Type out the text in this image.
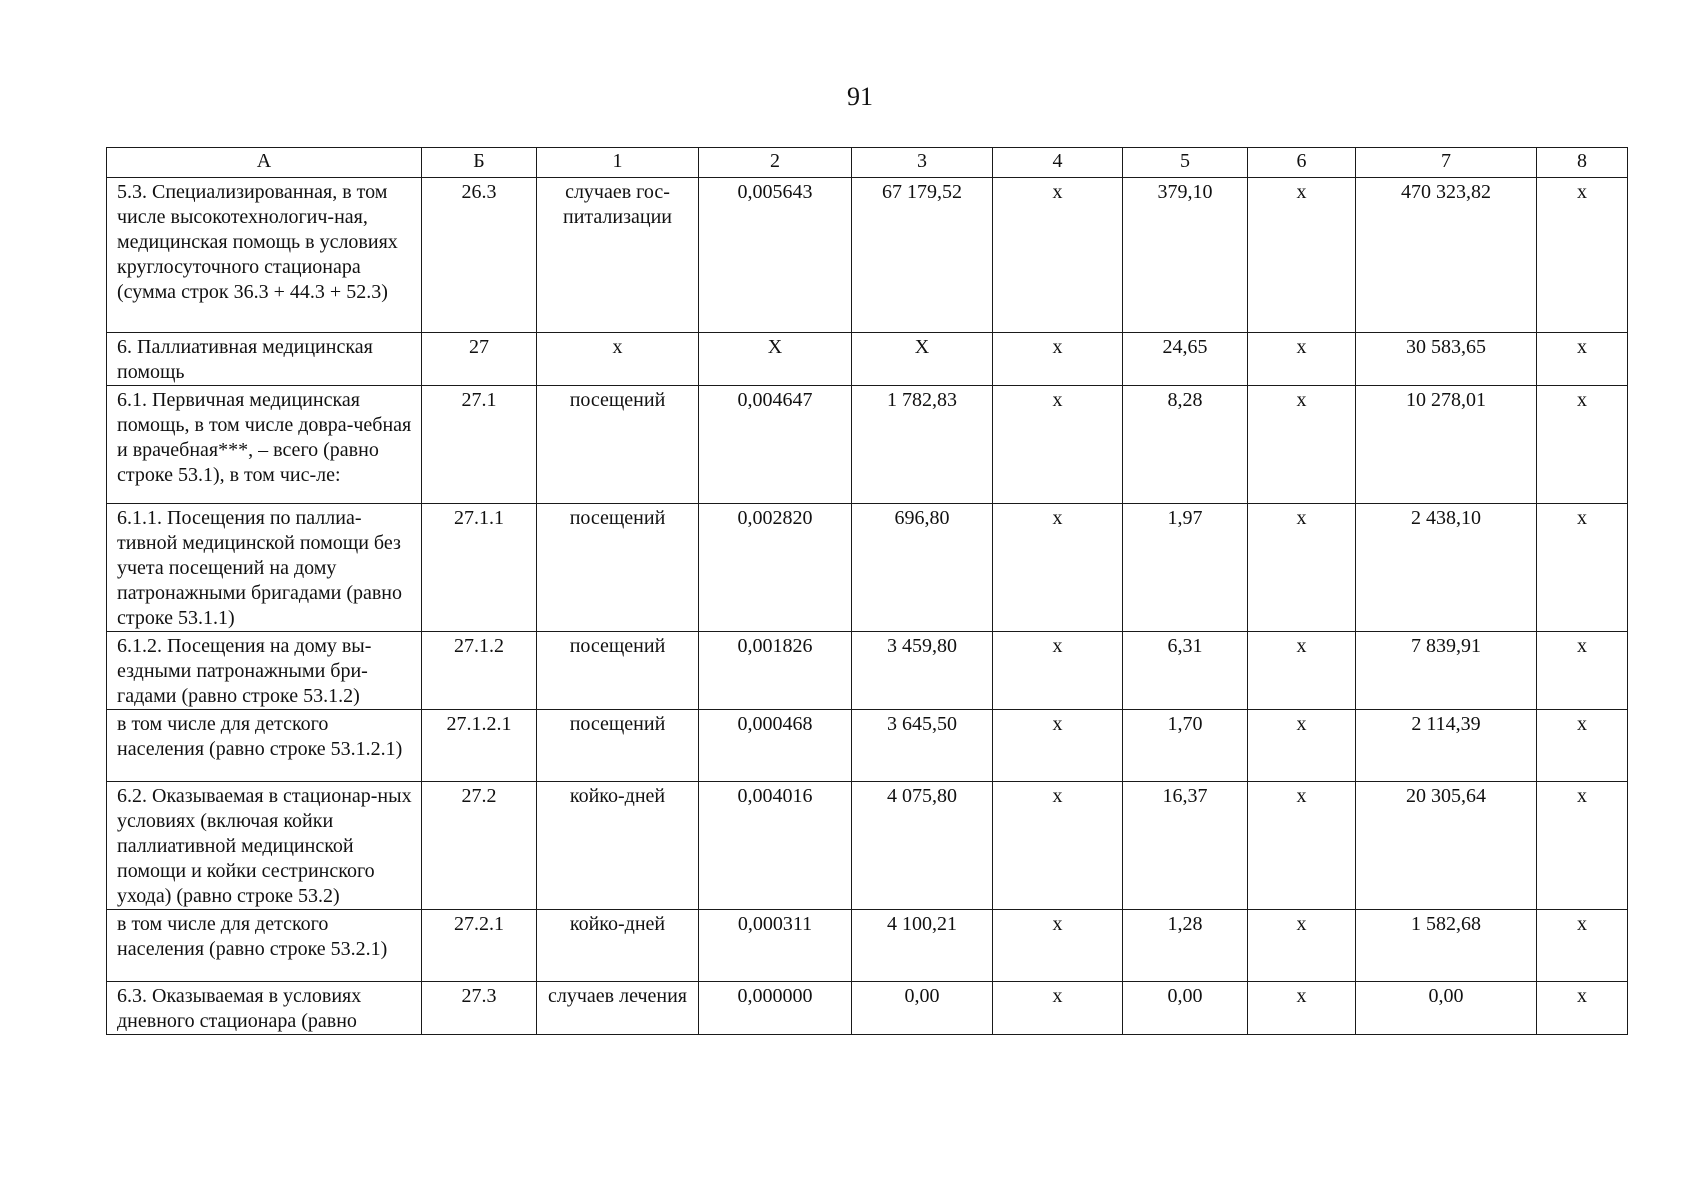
91
А	Б	1	2	3	4	5	6	7	8
5.3. Специализированная, в том числе высокотехнологич-ная, медицинская помощь в условиях круглосуточного стационара (сумма строк 36.3 + 44.3 + 52.3)	26.3	случаев гос-питализации	0,005643	67 179,52	х	379,10	х	470 323,82	х
6. Паллиативная медицинская помощь	27	х	Х	Х	х	24,65	х	30 583,65	х
6.1. Первичная медицинская помощь, в том числе довра-чебная и врачебная***, – всего (равно строке 53.1), в том чис-ле:	27.1	посещений	0,004647	1 782,83	х	8,28	х	10 278,01	х
6.1.1. Посещения по паллиа-тивной медицинской помощи без учета посещений на дому патронажными бригадами (равно строке 53.1.1)	27.1.1	посещений	0,002820	696,80	х	1,97	х	2 438,10	х
6.1.2. Посещения на дому вы-ездными патронажными бри-гадами (равно строке 53.1.2)	27.1.2	посещений	0,001826	3 459,80	х	6,31	х	7 839,91	х
в том числе для детского населения (равно строке 53.1.2.1)	27.1.2.1	посещений	0,000468	3 645,50	х	1,70	х	2 114,39	х
6.2. Оказываемая в стационар-ных условиях (включая койки паллиативной медицинской помощи и койки сестринского ухода) (равно строке 53.2)	27.2	койко-дней	0,004016	4 075,80	х	16,37	х	20 305,64	х
в том числе для детского населения (равно строке 53.2.1)	27.2.1	койко-дней	0,000311	4 100,21	х	1,28	х	1 582,68	х
6.3. Оказываемая в условиях дневного стационара (равно	27.3	случаев лечения	0,000000	0,00	х	0,00	х	0,00	х
